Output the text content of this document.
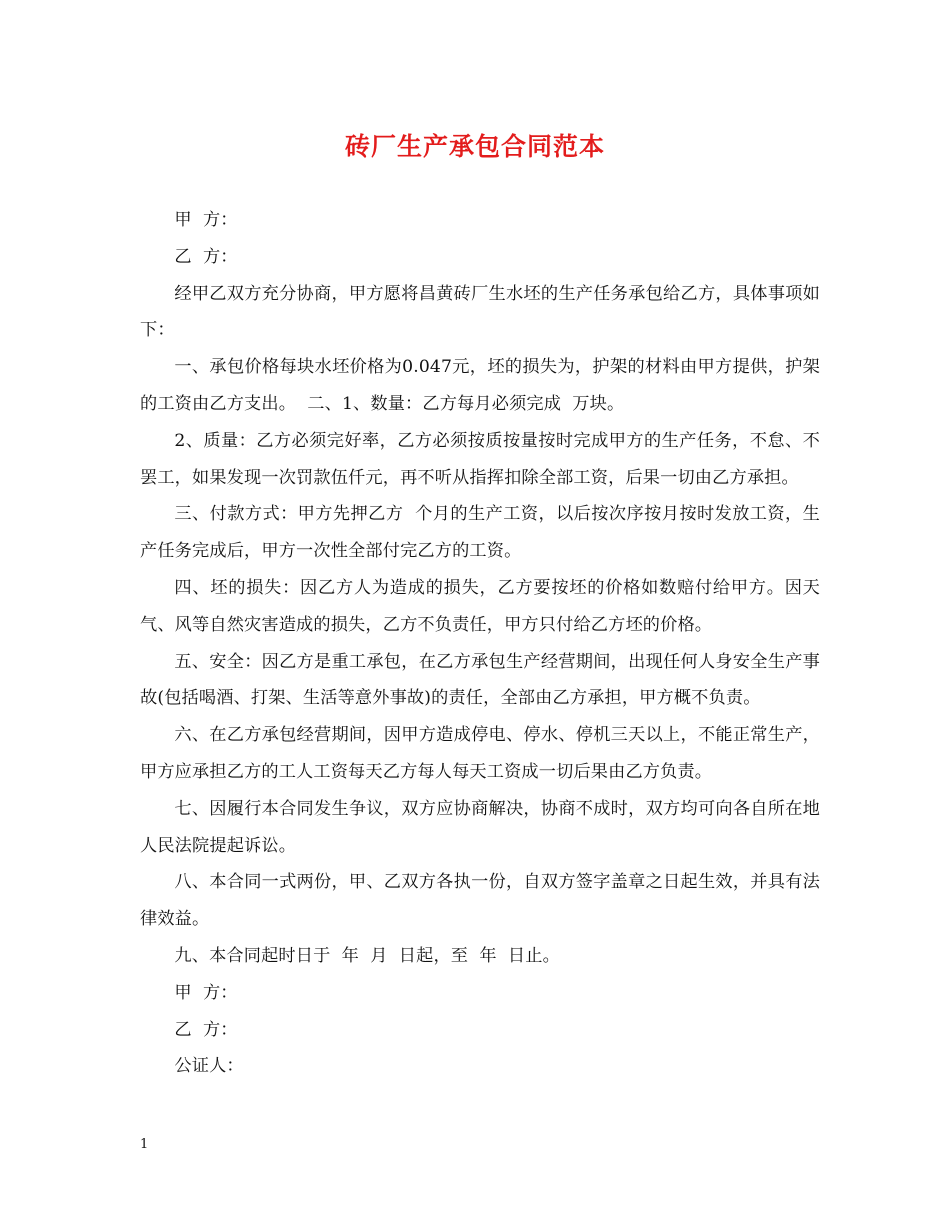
砖厂生产承包合同范本

甲  方：

乙  方：

经甲乙双方充分协商，甲方愿将昌黄砖厂生水坯的生产任务承包给乙方，具体事项如下：

一、承包价格每块水坯价格为0.047元，坯的损失为，护架的材料由甲方提供，护架的工资由乙方支出。  二、1、数量：乙方每月必须完成  万块。

2、质量：乙方必须完好率，乙方必须按质按量按时完成甲方的生产任务，不怠、不罢工，如果发现一次罚款伍仟元，再不听从指挥扣除全部工资，后果一切由乙方承担。

三、付款方式：甲方先押乙方  个月的生产工资，以后按次序按月按时发放工资，生产任务完成后，甲方一次性全部付完乙方的工资。

四、坯的损失：因乙方人为造成的损失，乙方要按坯的价格如数赔付给甲方。因天气、风等自然灾害造成的损失，乙方不负责任，甲方只付给乙方坯的价格。

五、安全：因乙方是重工承包，在乙方承包生产经营期间，出现任何人身安全生产事故(包括喝酒、打架、生活等意外事故)的责任，全部由乙方承担，甲方概不负责。

六、在乙方承包经营期间，因甲方造成停电、停水、停机三天以上，不能正常生产，甲方应承担乙方的工人工资每天乙方每人每天工资成一切后果由乙方负责。

七、因履行本合同发生争议，双方应协商解决，协商不成时，双方均可向各自所在地人民法院提起诉讼。

八、本合同一式两份，甲、乙双方各执一份，自双方签字盖章之日起生效，并具有法律效益。

九、本合同起时日于  年  月  日起，至  年  日止。

甲  方：

乙  方：

公证人：

1
